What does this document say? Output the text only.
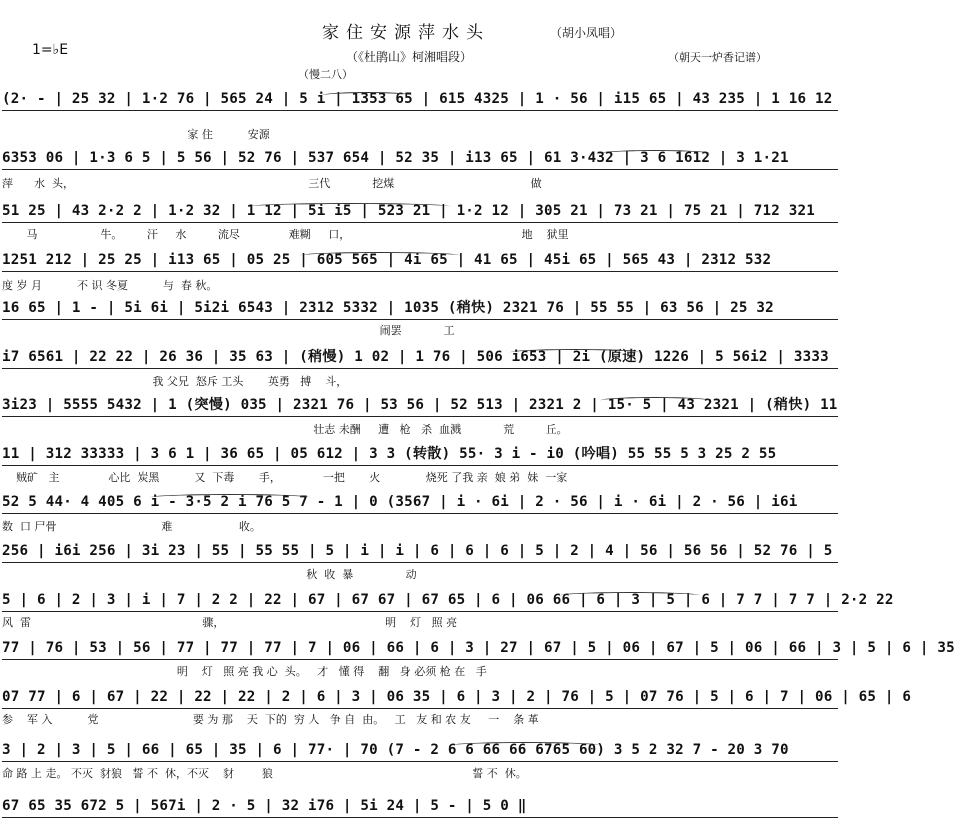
家住安源萍水头	（胡小凤唱）
（《杜鹃山》柯湘唱段）	（朝天一炉香记谱）
1=♭E
（慢二八）
(2· - | 25 32 | 1·2 76 | 565 24 | 5 i | 1353 65 | 615 4325 | 1 · 56 | i15 65 | 43 235 | 1 16 12
6353 06 | 1·3 6 5 | 5 56 | 52 76 | 537 654 | 52 35 | i13 65 | 61 3·432 | 3 6 1612 | 3 1·21
家 住          安源
51 25 | 43 2·2 2 | 1·2 32 | 1 12 | 5i i5 | 523 21 | 1·2 12 | 305 21 | 73 21 | 75 21 | 712 321
萍      水  头，                                                                   三代            挖煤                                       做
1251 212 | 25 25 | i13 65 | 05 25 | 605 565 | 4i 65 | 41 65 | 45i 65 | 565 43 | 2312 532
马                  牛。       汗     水         流尽              难糊     口，                                                 地    狱里
16 65 | 1 - | 5i 6i | 5i2i 6543 | 2312 5332 | 1035 (稍快) 2321 76 | 55 55 | 63 56 | 25 32
度 岁 月          不 识 冬夏          与  春 秋。
i7 6561 | 22 22 | 26 36 | 35 63 | (稍慢) 1 02 | 1 76 | 506 i653 | 2i (原速) 1226 | 5 56i2 | 3333
闹罢            工
3i23 | 5555 5432 | 1 (突慢) 035 | 2321 76 | 53 56 | 52 513 | 2321 2 | 15· 5 | 43 2321 | (稍快) 11
我 父兄  怒斥 工头       英勇   搏    斗，
11 | 312 33333 | 3 6 1 | 36 65 | 05 612 | 3 3 (转散) 55· 3 i - i0 (吟唱) 55 55 5 3 25 2 55
壮志 未酬     遭   枪   杀  血溅            荒         丘。
52 5 44· 4 405 6 i - 3·5 2 i 76 5 7 - 1 | 0 (3567 | i · 6i | 2 · 56 | i · 6i | 2 · 56 | i6i
贼矿   主              心比  炭黑          又  下毒       手，            一把       火             烧死 了我 亲  娘 弟  妹  一家
256 | i6i 256 | 3i 23 | 55 | 55 55 | 5 | i | i | 6 | 6 | 6 | 5 | 2 | 4 | 56 | 56 56 | 52 76 | 5
数  口 尸骨                              难                   收。
5 | 6 | 2 | 3 | i | 7 | 2 2 | 22 | 67 | 67 67 | 67 65 | 6 | 06 66 | 6 | 3 | 5 | 6 | 7 7 | 7 7 | 2·2 22
秋  收  暴               动
77 | 76 | 53 | 56 | 77 | 77 | 77 | 7 | 06 | 66 | 6 | 3 | 27 | 67 | 5 | 06 | 67 | 5 | 06 | 66 | 3 | 5 | 6 | 35
风  雷                                                 骤，                                              明    灯   照 亮
07 77 | 6 | 67 | 22 | 22 | 22 | 2 | 6 | 3 | 06 35 | 6 | 3 | 2 | 76 | 5 | 07 76 | 5 | 6 | 7 | 06 | 65 | 6
明    灯   照 亮 我 心  头。   才   懂 得    翻   身 必须 枪 在   手
3 | 2 | 3 | 5 | 66 | 65 | 35 | 6 | 77· | 70 (7 - 2 6 6 66 66 6765 60) 3 5 2 32 7 - 20 3 70
参    军 入          党                           要 为 那    天  下的  穷 人   争 自  由。   工   友 和 农 友     一    条 革
67 65 35 672 5 | 567i | 2 · 5 | 32 i76 | 5i 24 | 5 - | 5 0 ‖
命 路 上 走。 不灭  豺狼   誓 不  休，不灭    豺        狼                                                         誓 不  休。
